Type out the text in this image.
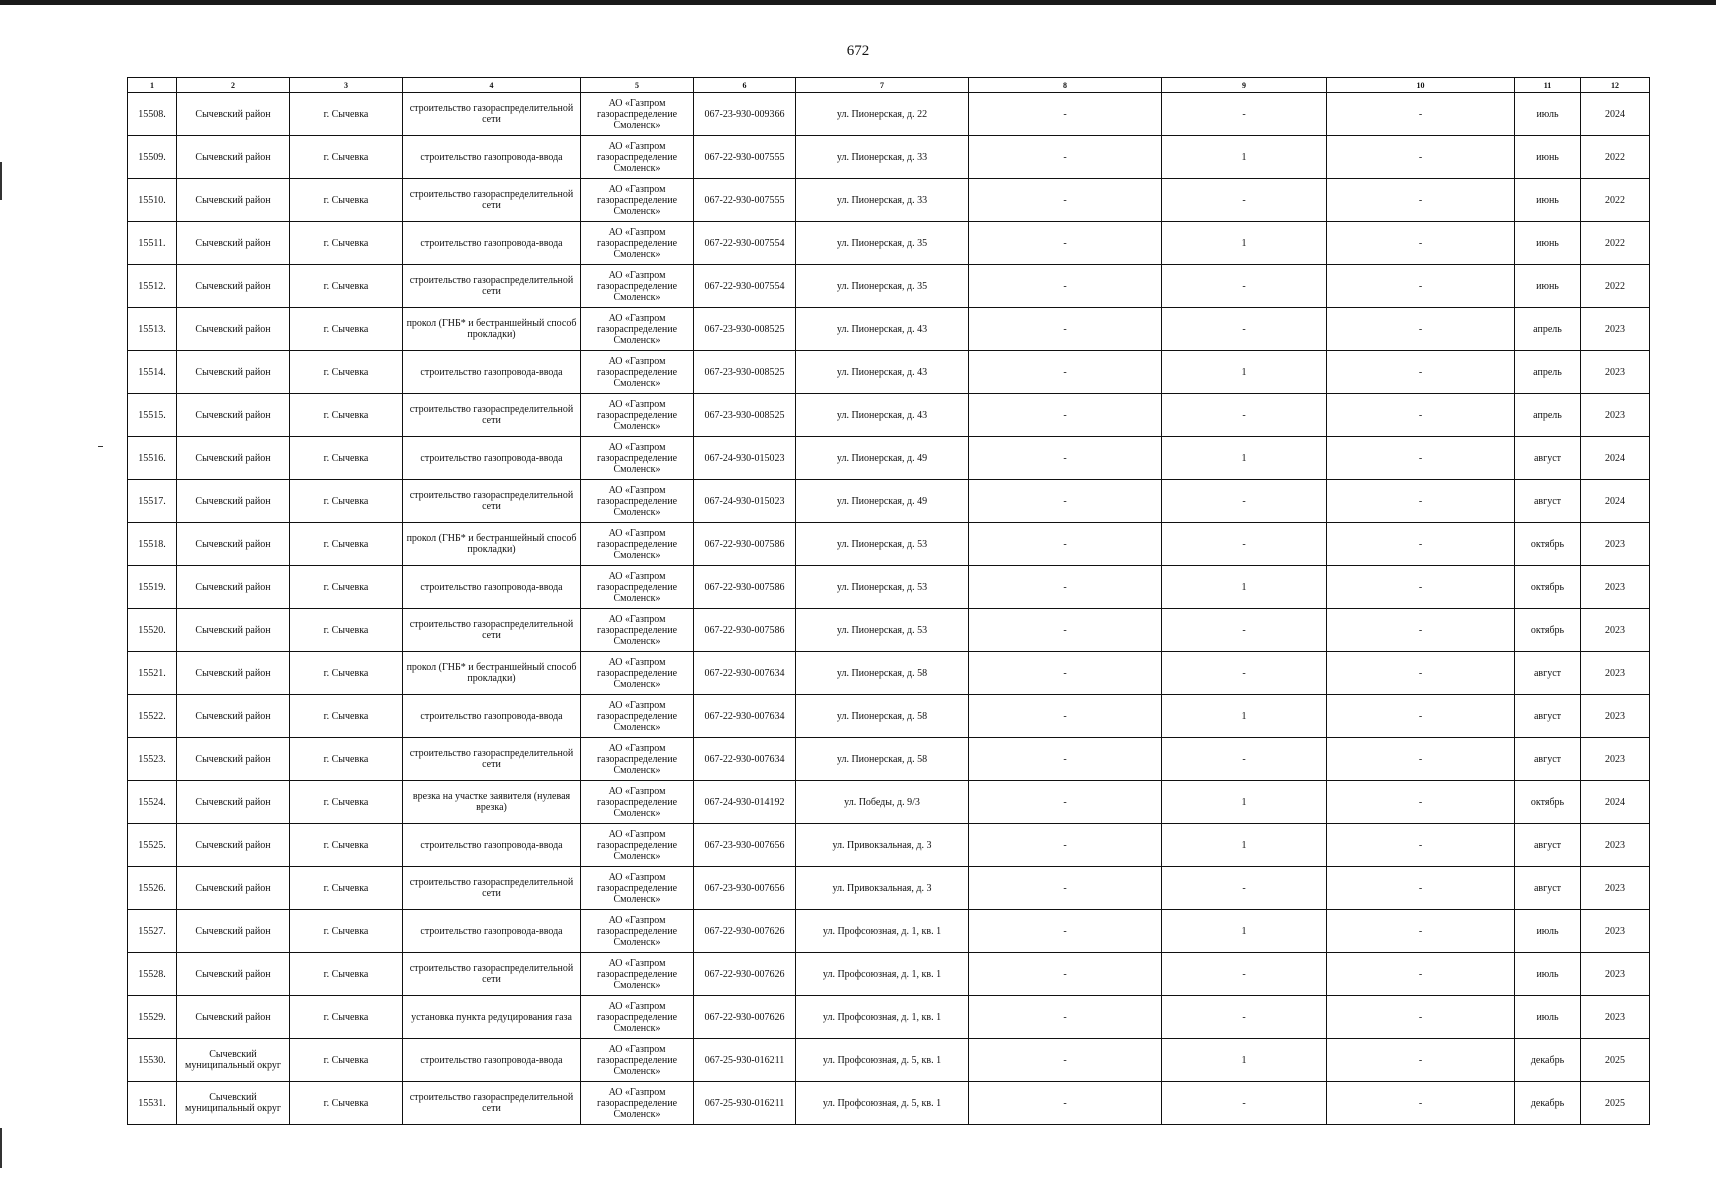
672
1	2	3	4	5	6	7	8	9	10	11	12
15508.	Сычевский район	г. Сычевка	строительство газораспределительной сети	АО «Газпром газораспределение Смоленск»	067-23-930-009366	ул. Пионерская, д. 22	-	-	-	июль	2024
15509.	Сычевский район	г. Сычевка	строительство газопровода-ввода	АО «Газпром газораспределение Смоленск»	067-22-930-007555	ул. Пионерская, д. 33	-	1	-	июнь	2022
15510.	Сычевский район	г. Сычевка	строительство газораспределительной сети	АО «Газпром газораспределение Смоленск»	067-22-930-007555	ул. Пионерская, д. 33	-	-	-	июнь	2022
15511.	Сычевский район	г. Сычевка	строительство газопровода-ввода	АО «Газпром газораспределение Смоленск»	067-22-930-007554	ул. Пионерская, д. 35	-	1	-	июнь	2022
15512.	Сычевский район	г. Сычевка	строительство газораспределительной сети	АО «Газпром газораспределение Смоленск»	067-22-930-007554	ул. Пионерская, д. 35	-	-	-	июнь	2022
15513.	Сычевский район	г. Сычевка	прокол (ГНБ* и бестраншейный способ прокладки)	АО «Газпром газораспределение Смоленск»	067-23-930-008525	ул. Пионерская, д. 43	-	-	-	апрель	2023
15514.	Сычевский район	г. Сычевка	строительство газопровода-ввода	АО «Газпром газораспределение Смоленск»	067-23-930-008525	ул. Пионерская, д. 43	-	1	-	апрель	2023
15515.	Сычевский район	г. Сычевка	строительство газораспределительной сети	АО «Газпром газораспределение Смоленск»	067-23-930-008525	ул. Пионерская, д. 43	-	-	-	апрель	2023
15516.	Сычевский район	г. Сычевка	строительство газопровода-ввода	АО «Газпром газораспределение Смоленск»	067-24-930-015023	ул. Пионерская, д. 49	-	1	-	август	2024
15517.	Сычевский район	г. Сычевка	строительство газораспределительной сети	АО «Газпром газораспределение Смоленск»	067-24-930-015023	ул. Пионерская, д. 49	-	-	-	август	2024
15518.	Сычевский район	г. Сычевка	прокол (ГНБ* и бестраншейный способ прокладки)	АО «Газпром газораспределение Смоленск»	067-22-930-007586	ул. Пионерская, д. 53	-	-	-	октябрь	2023
15519.	Сычевский район	г. Сычевка	строительство газопровода-ввода	АО «Газпром газораспределение Смоленск»	067-22-930-007586	ул. Пионерская, д. 53	-	1	-	октябрь	2023
15520.	Сычевский район	г. Сычевка	строительство газораспределительной сети	АО «Газпром газораспределение Смоленск»	067-22-930-007586	ул. Пионерская, д. 53	-	-	-	октябрь	2023
15521.	Сычевский район	г. Сычевка	прокол (ГНБ* и бестраншейный способ прокладки)	АО «Газпром газораспределение Смоленск»	067-22-930-007634	ул. Пионерская, д. 58	-	-	-	август	2023
15522.	Сычевский район	г. Сычевка	строительство газопровода-ввода	АО «Газпром газораспределение Смоленск»	067-22-930-007634	ул. Пионерская, д. 58	-	1	-	август	2023
15523.	Сычевский район	г. Сычевка	строительство газораспределительной сети	АО «Газпром газораспределение Смоленск»	067-22-930-007634	ул. Пионерская, д. 58	-	-	-	август	2023
15524.	Сычевский район	г. Сычевка	врезка на участке заявителя (нулевая врезка)	АО «Газпром газораспределение Смоленск»	067-24-930-014192	ул. Победы, д. 9/3	-	1	-	октябрь	2024
15525.	Сычевский район	г. Сычевка	строительство газопровода-ввода	АО «Газпром газораспределение Смоленск»	067-23-930-007656	ул. Привокзальная, д. 3	-	1	-	август	2023
15526.	Сычевский район	г. Сычевка	строительство газораспределительной сети	АО «Газпром газораспределение Смоленск»	067-23-930-007656	ул. Привокзальная, д. 3	-	-	-	август	2023
15527.	Сычевский район	г. Сычевка	строительство газопровода-ввода	АО «Газпром газораспределение Смоленск»	067-22-930-007626	ул. Профсоюзная, д. 1, кв. 1	-	1	-	июль	2023
15528.	Сычевский район	г. Сычевка	строительство газораспределительной сети	АО «Газпром газораспределение Смоленск»	067-22-930-007626	ул. Профсоюзная, д. 1, кв. 1	-	-	-	июль	2023
15529.	Сычевский район	г. Сычевка	установка пункта редуцирования газа	АО «Газпром газораспределение Смоленск»	067-22-930-007626	ул. Профсоюзная, д. 1, кв. 1	-	-	-	июль	2023
15530.	Сычевский муниципальный округ	г. Сычевка	строительство газопровода-ввода	АО «Газпром газораспределение Смоленск»	067-25-930-016211	ул. Профсоюзная, д. 5, кв. 1	-	1	-	декабрь	2025
15531.	Сычевский муниципальный округ	г. Сычевка	строительство газораспределительной сети	АО «Газпром газораспределение Смоленск»	067-25-930-016211	ул. Профсоюзная, д. 5, кв. 1	-	-	-	декабрь	2025
